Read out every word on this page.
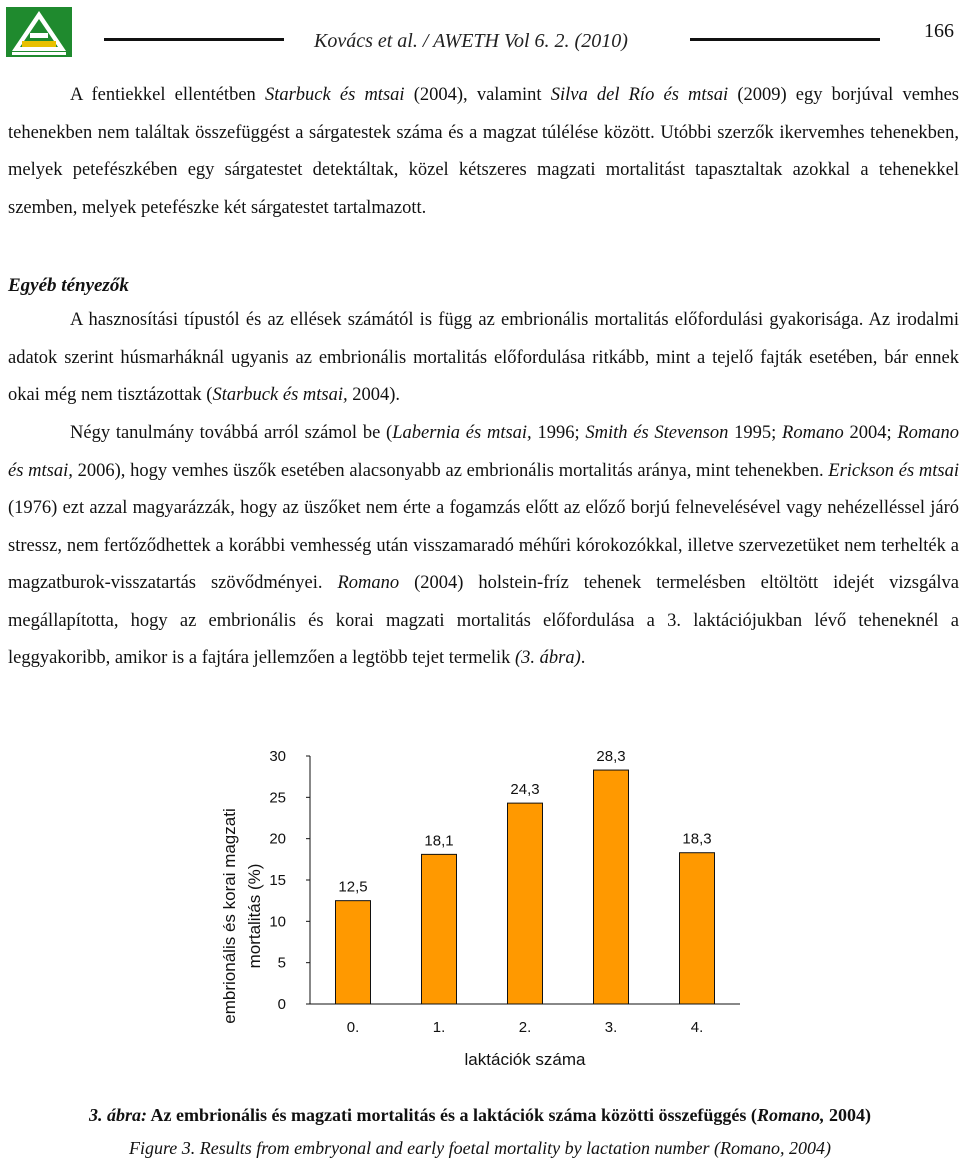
Kovács et al. / AWETH Vol 6. 2. (2010)	166

A fentiekkel ellentétben Starbuck és mtsai (2004), valamint Silva del Río és mtsai (2009) egy borjúval vemhes tehenekben nem találtak összefüggést a sárgatestek száma és a magzat túlélése között. Utóbbi szerzők ikervemhes tehenekben, melyek petefészkében egy sárgatestet detektáltak, közel kétszeres magzati mortalitást tapasztaltak azokkal a tehenekkel szemben, melyek petefészke két sárgatestet tartalmazott.

Egyéb tényezők

A hasznosítási típustól és az ellések számától is függ az embrionális mortalitás előfordulási gyakorisága. Az irodalmi adatok szerint húsmarháknál ugyanis az embrionális mortalitás előfordulása ritkább, mint a tejelő fajták esetében, bár ennek okai még nem tisztázottak (Starbuck és mtsai, 2004).

Négy tanulmány továbbá arról számol be (Labernia és mtsai, 1996; Smith és Stevenson 1995; Romano 2004; Romano és mtsai, 2006), hogy vemhes üszők esetében alacsonyabb az embrionális mortalitás aránya, mint tehenekben. Erickson és mtsai (1976) ezt azzal magyarázzák, hogy az üszőket nem érte a fogamzás előtt az előző borjú felnevelésével vagy nehézelléssel járó stressz, nem fertőződhettek a korábbi vemhesség után visszamaradó méhűri kórokozókkal, illetve szervezetüket nem terhelték a magzatburok-visszatartás szövődményei. Romano (2004) holstein-fríz tehenek termelésben eltöltött idejét vizsgálva megállapította, hogy az embrionális és korai magzati mortalitás előfordulása a 3. laktációjukban lévő teheneknél a leggyakoribb, amikor is a fajtára jellemzően a legtöbb tejet termelik (3. ábra).

embrionális és korai magzati mortalitás (%)
0
5
10
15
20
25
30
12,5
18,1
24,3
28,3
18,3
0.	1.	2.	3.	4.
laktációk száma
3. ábra: Az embrionális és magzati mortalitás és a laktációk száma közötti összefüggés (Romano, 2004)
Figure 3. Results from embryonal and early foetal mortality by lactation number (Romano, 2004)
